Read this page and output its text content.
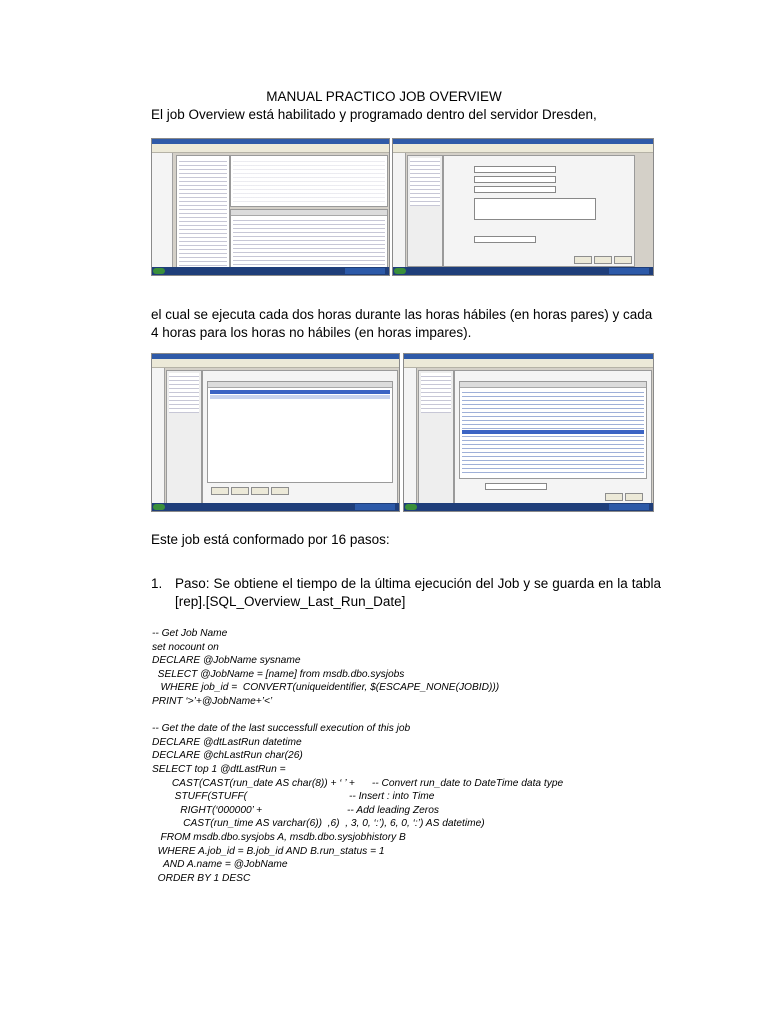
MANUAL PRACTICO JOB OVERVIEW
El job Overview está habilitado y programado dentro del servidor Dresden,
el cual se ejecuta cada dos horas durante las horas hábiles (en horas pares) y cada 4 horas para los horas no hábiles (en horas impares).
Este job está conformado por 16 pasos:
1. Paso: Se obtiene el tiempo de la última ejecución del Job y se guarda en la tabla [rep].[SQL_Overview_Last_Run_Date]
-- Get Job Name
set nocount on
DECLARE @JobName sysname
SELECT @JobName = [name] from msdb.dbo.sysjobs
WHERE job_id =  CONVERT(uniqueidentifier, $(ESCAPE_NONE(JOBID)))
PRINT ‘>’+@JobName+’<’
-- Get the date of the last successfull execution of this job
DECLARE @dtLastRun datetime
DECLARE @chLastRun char(26)
SELECT top 1 @dtLastRun =
CAST(CAST(run_date AS char(8)) + ‘ ’ +      -- Convert run_date to DateTime data type
STUFF(STUFF(                                    -- Insert : into Time
RIGHT(‘000000’ +                              -- Add leading Zeros
CAST(run_time AS varchar(6))  ,6)  , 3, 0, ‘:’), 6, 0, ‘:’) AS datetime)
FROM msdb.dbo.sysjobs A, msdb.dbo.sysjobhistory B
WHERE A.job_id = B.job_id AND B.run_status = 1
AND A.name = @JobName
ORDER BY 1 DESC
